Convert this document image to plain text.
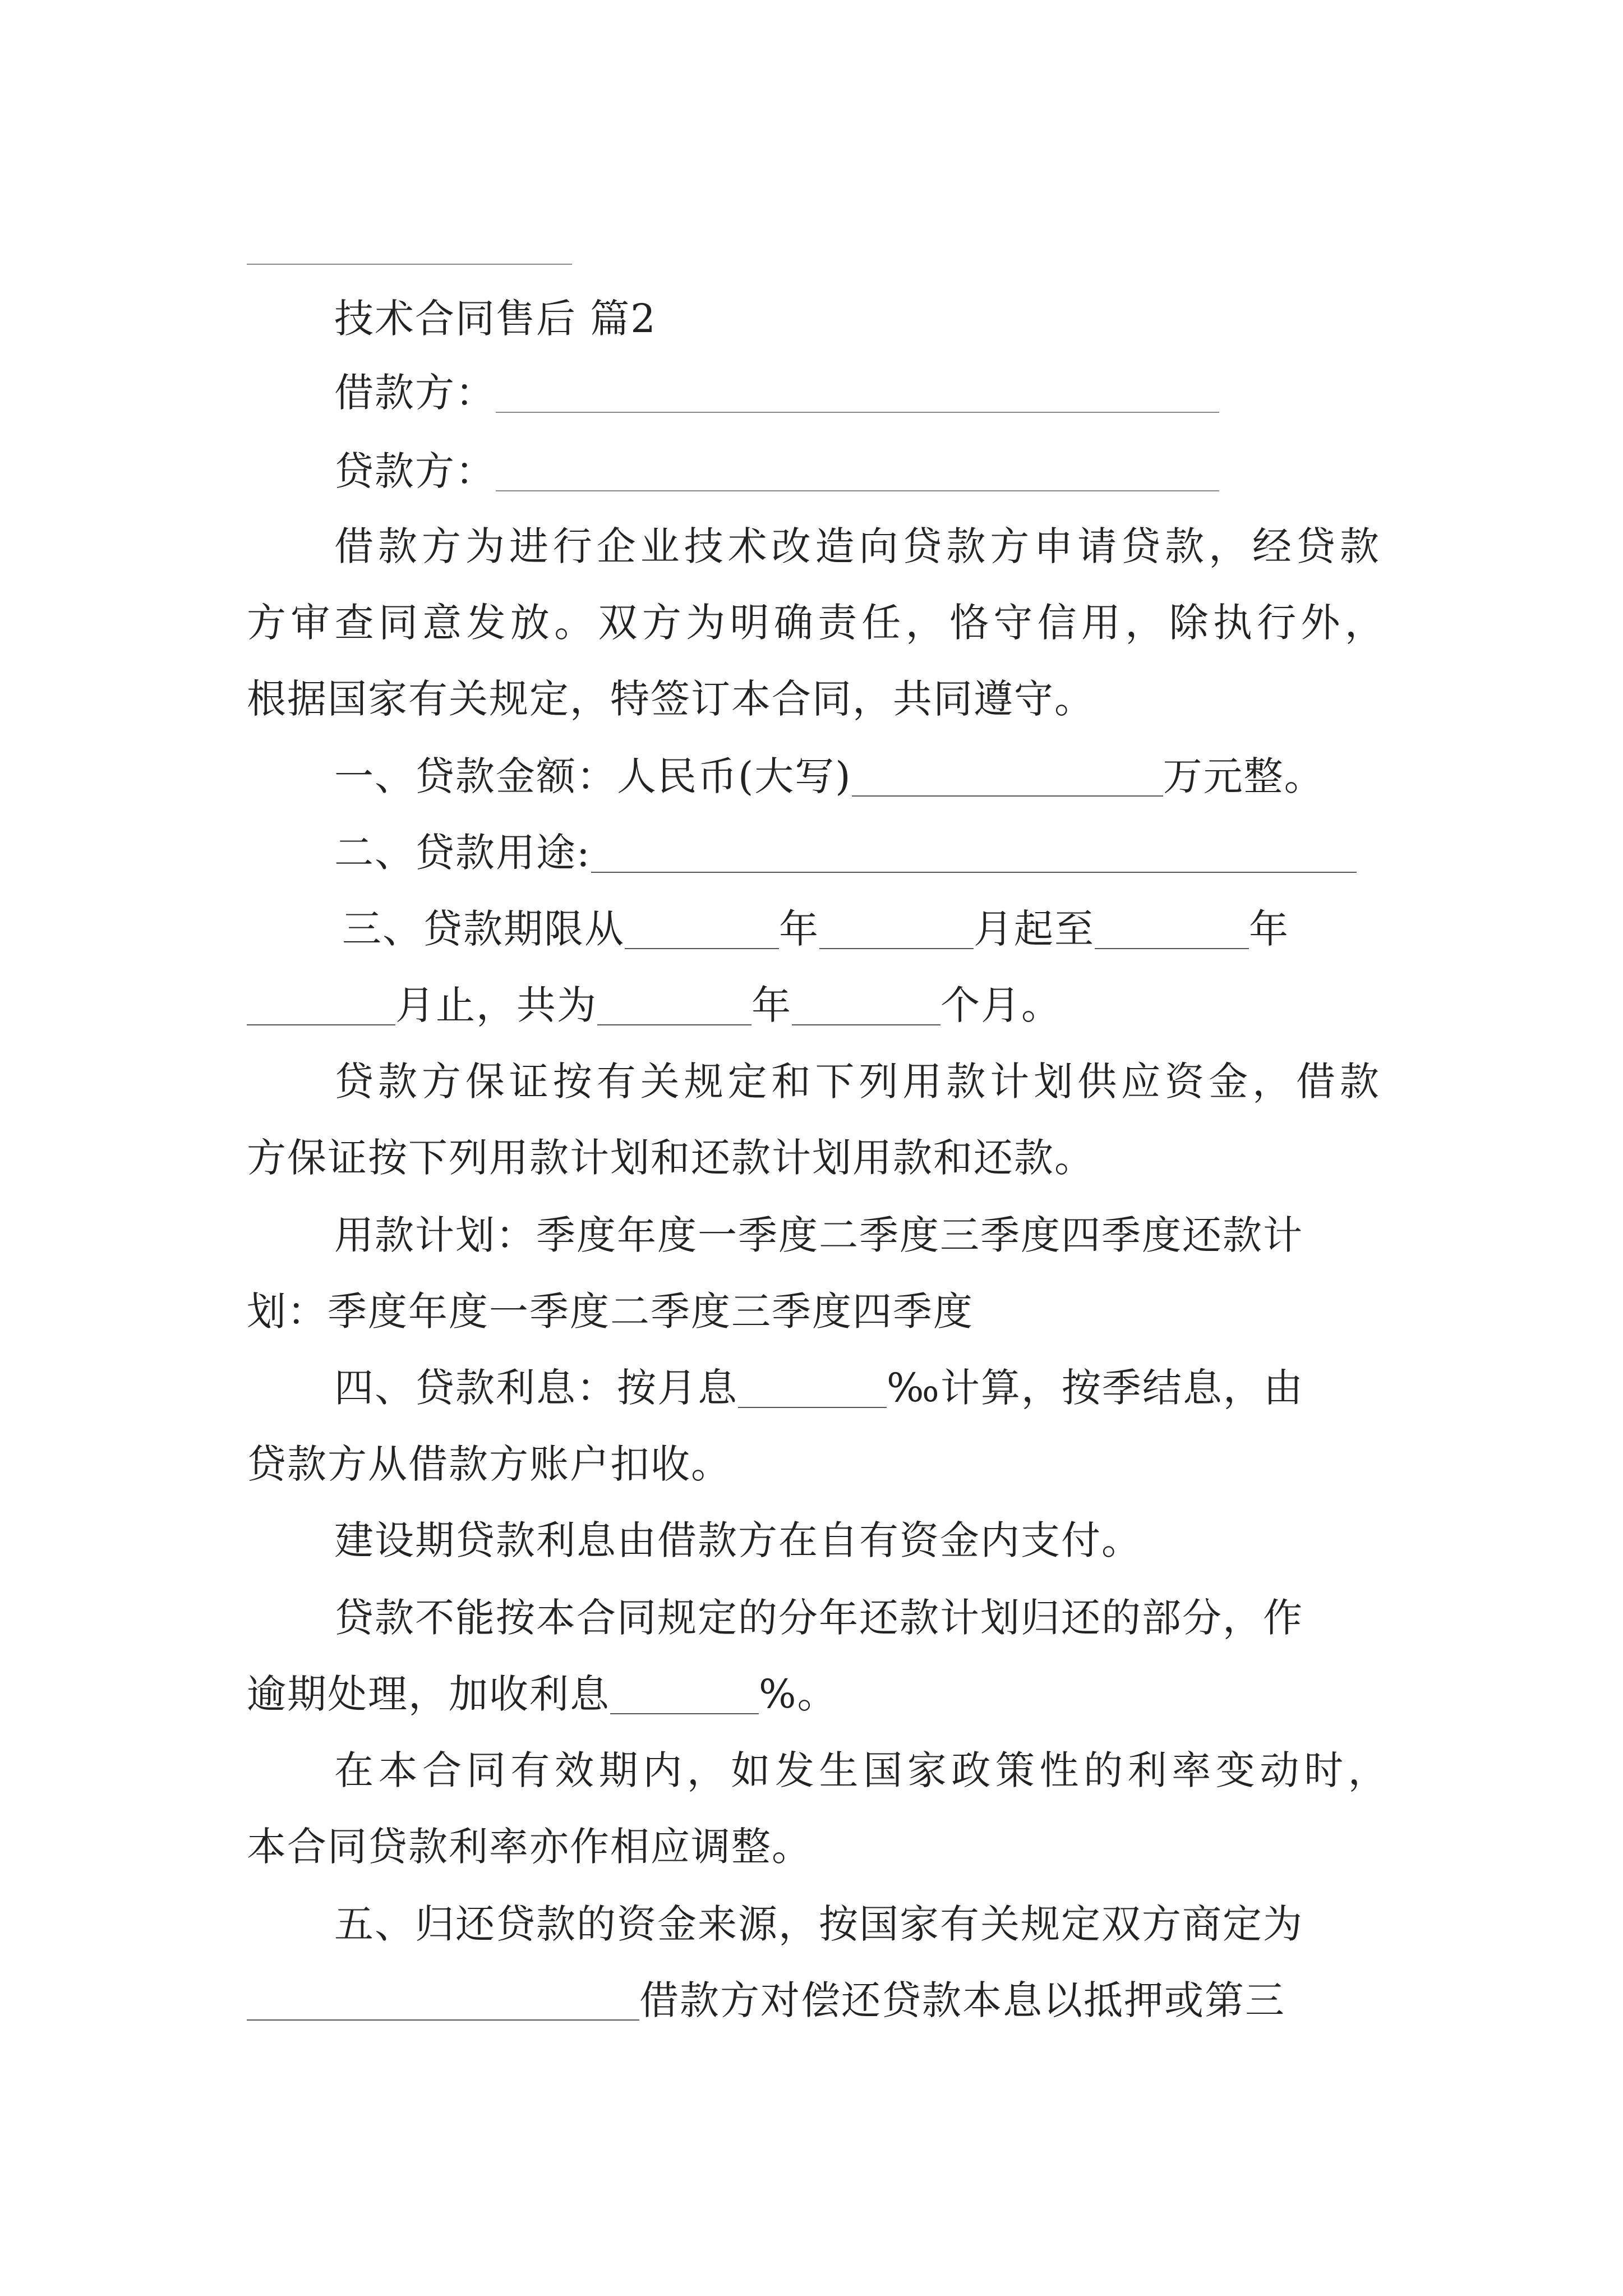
技术合同售后 篇2
借款方：
贷款方：
借 款 方 为 进 行 企 业 技 术 改 造 向 贷 款 方 申 请 贷 款 ， 经 贷 款
方 审 查 同 意 发 放 。 双 方 为 明 确 责 任 ， 恪 守 信 用 ， 除 执 行 外 ，
根据国家有关规定，特签订本合同，共同遵守。
一、贷款金额：人民币(大写)	万元整。
二、贷款用途:
三、贷款期限从	年	月起至	年
月止，共为	年	个月。
贷 款 方 保 证 按 有 关 规 定 和 下 列 用 款 计 划 供 应 资 金 ， 借 款
方保证按下列用款计划和还款计划用款和还款。
用款计划：季度年度一季度二季度三季度四季度还款计
划：季度年度一季度二季度三季度四季度
四、贷款利息：按月息	‰计算，按季结息，由
贷款方从借款方账户扣收。
建设期贷款利息由借款方在自有资金内支付。
贷款不能按本合同规定的分年还款计划归还的部分，作
逾期处理，加收利息	%。
在 本 合 同 有 效 期 内 ， 如 发 生 国 家 政 策 性 的 利 率 变 动 时 ，
本合同贷款利率亦作相应调整。
五、归还贷款的资金来源，按国家有关规定双方商定为
借款方对偿还贷款本息以抵押或第三
